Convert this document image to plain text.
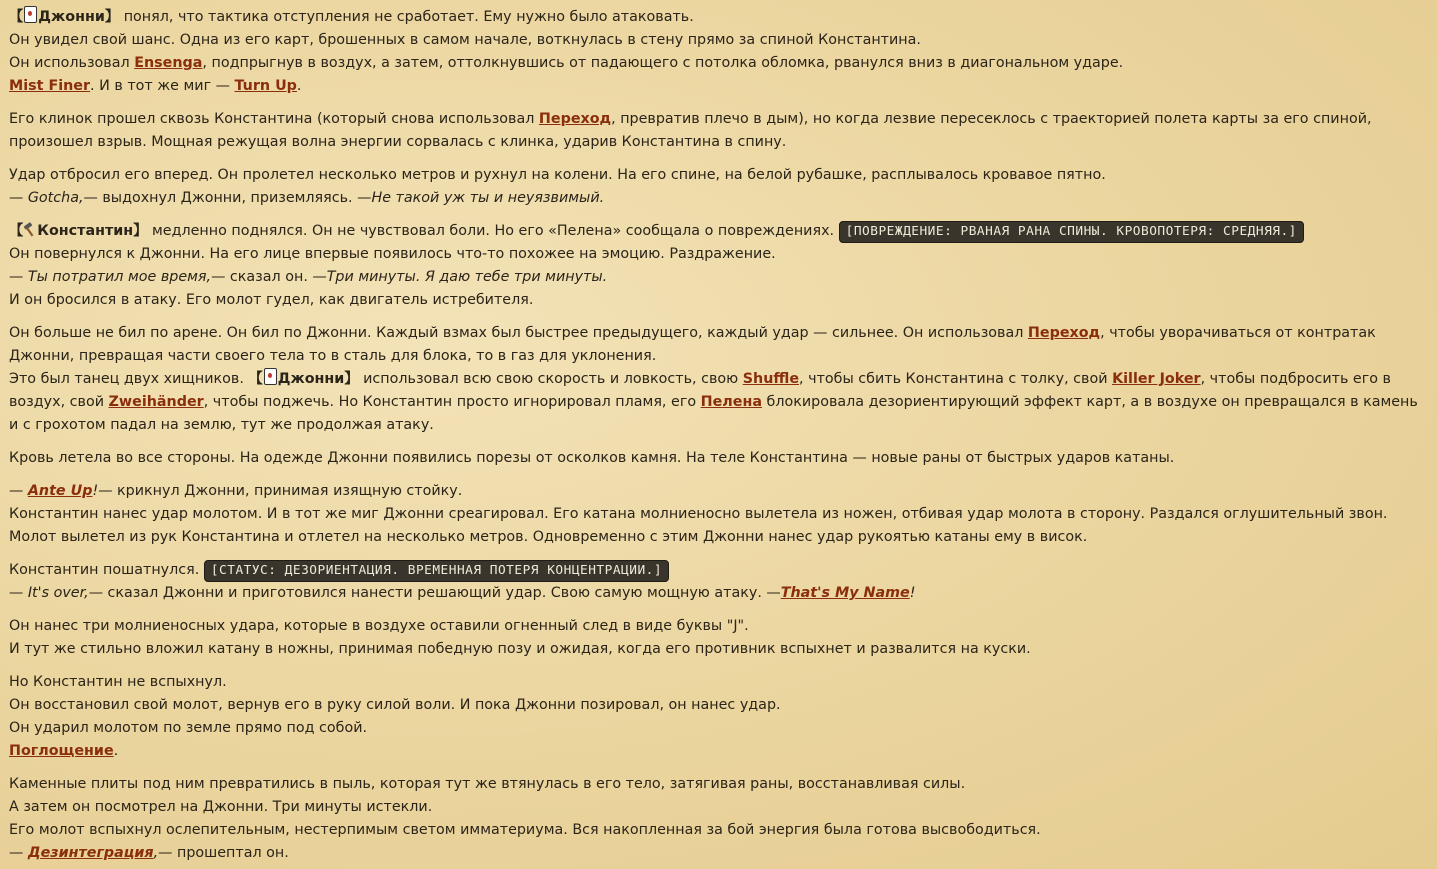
【 Джонни】 понял, что тактика отступления не сработает. Ему нужно было атаковать.
Он увидел свой шанс. Одна из его карт, брошенных в самом начале, воткнулась в стену прямо за спиной Константина.
Он использовал Ensenga, подпрыгнув в воздух, а затем, оттолкнувшись от падающего с потолка обломка, рванулся вниз в диагональном ударе.
Mist Finer. И в тот же миг — Turn Up.

Его клинок прошел сквозь Константина (который снова использовал Переход, превратив плечо в дым), но когда лезвие пересеклось с траекторией полета карты за его спиной, произошел взрыв. Мощная режущая волна энергии сорвалась с клинка, ударив Константина в спину.

Удар отбросил его вперед. Он пролетел несколько метров и рухнул на колени. На его спине, на белой рубашке, расплывалось кровавое пятно.
— Gotcha,— выдохнул Джонни, приземляясь. —Не такой уж ты и неуязвимый.

【 Константин】 медленно поднялся. Он не чувствовал боли. Но его «Пелена» сообщала о повреждениях. [ПОВРЕЖДЕНИЕ: РВАНАЯ РАНА СПИНЫ. КРОВОПОТЕРЯ: СРЕДНЯЯ.]
Он повернулся к Джонни. На его лице впервые появилось что-то похожее на эмоцию. Раздражение.
— Ты потратил мое время,— сказал он. —Три минуты. Я даю тебе три минуты.
И он бросился в атаку. Его молот гудел, как двигатель истребителя.

Он больше не бил по арене. Он бил по Джонни. Каждый взмах был быстрее предыдущего, каждый удар — сильнее. Он использовал Переход, чтобы уворачиваться от контратак Джонни, превращая части своего тела то в сталь для блока, то в газ для уклонения.
Это был танец двух хищников. 【 Джонни】 использовал всю свою скорость и ловкость, свою Shuffle, чтобы сбить Константина с толку, свой Killer Joker, чтобы подбросить его в воздух, свой Zweihänder, чтобы поджечь. Но Константин просто игнорировал пламя, его Пелена блокировала дезориентирующий эффект карт, а в воздухе он превращался в камень и с грохотом падал на землю, тут же продолжая атаку.

Кровь летела во все стороны. На одежде Джонни появились порезы от осколков камня. На теле Константина — новые раны от быстрых ударов катаны.

— Ante Up!— крикнул Джонни, принимая изящную стойку.
Константин нанес удар молотом. И в тот же миг Джонни среагировал. Его катана молниеносно вылетела из ножен, отбивая удар молота в сторону. Раздался оглушительный звон. Молот вылетел из рук Константина и отлетел на несколько метров. Одновременно с этим Джонни нанес удар рукоятью катаны ему в висок.

Константин пошатнулся. [СТАТУС: ДЕЗОРИЕНТАЦИЯ. ВРЕМЕННАЯ ПОТЕРЯ КОНЦЕНТРАЦИИ.]
— It's over,— сказал Джонни и приготовился нанести решающий удар. Свою самую мощную атаку. —That's My Name!

Он нанес три молниеносных удара, которые в воздухе оставили огненный след в виде буквы "J".
И тут же стильно вложил катану в ножны, принимая победную позу и ожидая, когда его противник вспыхнет и развалится на куски.

Но Константин не вспыхнул.
Он восстановил свой молот, вернув его в руку силой воли. И пока Джонни позировал, он нанес удар.
Он ударил молотом по земле прямо под собой.
Поглощение.

Каменные плиты под ним превратились в пыль, которая тут же втянулась в его тело, затягивая раны, восстанавливая силы.
А затем он посмотрел на Джонни. Три минуты истекли.
Его молот вспыхнул ослепительным, нестерпимым светом имматериума. Вся накопленная за бой энергия была готова высвободиться.
— Дезинтеграция,— прошептал он.
